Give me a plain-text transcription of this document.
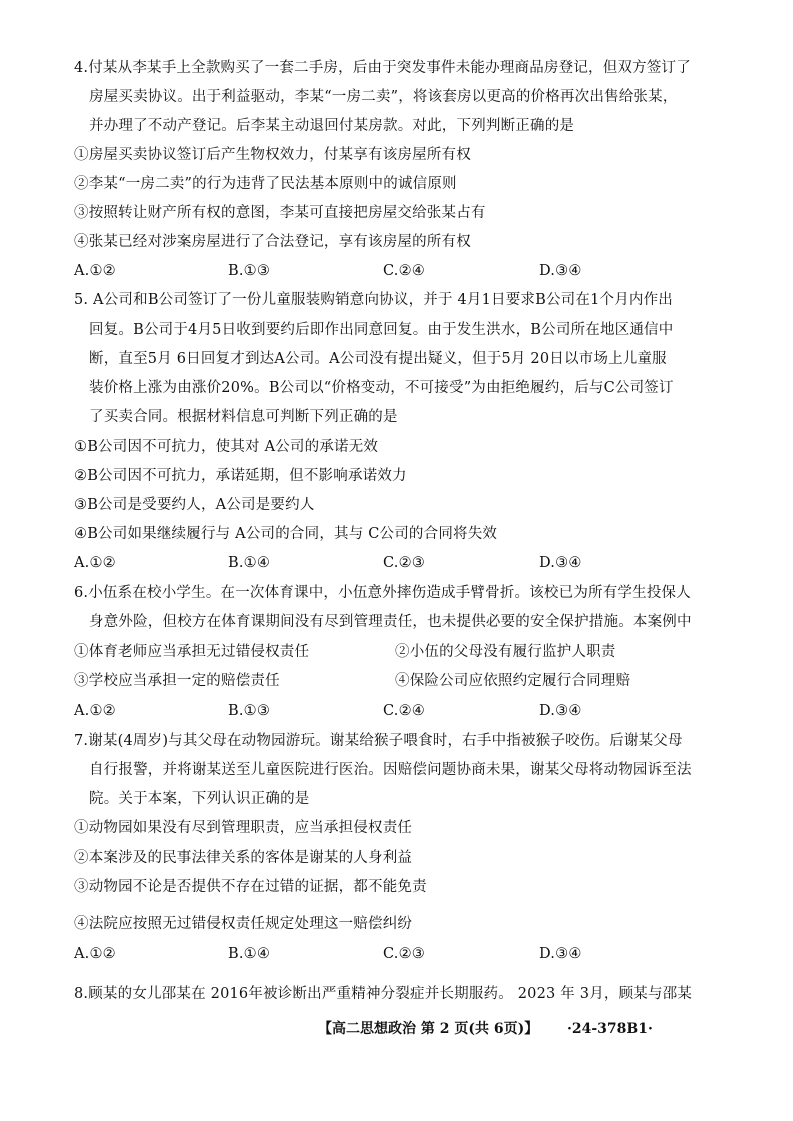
4.付某从李某手上全款购买了一套二手房，后由于突发事件未能办理商品房登记，但双方签订了
房屋买卖协议。出于利益驱动，李某“一房二卖”，将该套房以更高的价格再次出售给张某，
并办理了不动产登记。后李某主动退回付某房款。对此，下列判断正确的是
①房屋买卖协议签订后产生物权效力，付某享有该房屋所有权
②李某“一房二卖”的行为违背了民法基本原则中的诚信原则
③按照转让财产所有权的意图，李某可直接把房屋交给张某占有
④张某已经对涉案房屋进行了合法登记，享有该房屋的所有权
A.①②	B.①③	C.②④	D.③④
5. A公司和B公司签订了一份儿童服装购销意向协议，并于 4月1日要求B公司在1个月内作出
回复。B公司于4月5日收到要约后即作出同意回复。由于发生洪水，B公司所在地区通信中
断，直至5月 6日回复才到达A公司。A公司没有提出疑义，但于5月 20日以市场上儿童服
装价格上涨为由涨价20%。B公司以“价格变动，不可接受”为由拒绝履约，后与C公司签订
了买卖合同。根据材料信息可判断下列正确的是
①B公司因不可抗力，使其对 A公司的承诺无效
②B公司因不可抗力，承诺延期，但不影响承诺效力
③B公司是受要约人，A公司是要约人
④B公司如果继续履行与 A公司的合同，其与 C公司的合同将失效
A.①②	B.①④	C.②③	D.③④
6.小伍系在校小学生。在一次体育课中，小伍意外摔伤造成手臂骨折。该校已为所有学生投保人
身意外险，但校方在体育课期间没有尽到管理责任，也未提供必要的安全保护措施。本案例中
①体育老师应当承担无过错侵权责任	②小伍的父母没有履行监护人职责
③学校应当承担一定的赔偿责任	④保险公司应依照约定履行合同理赔
A.①②	B.①③	C.②④	D.③④
7.谢某(4周岁)与其父母在动物园游玩。谢某给猴子喂食时，右手中指被猴子咬伤。后谢某父母
自行报警，并将谢某送至儿童医院进行医治。因赔偿问题协商未果，谢某父母将动物园诉至法
院。关于本案，下列认识正确的是
①动物园如果没有尽到管理职责，应当承担侵权责任
②本案涉及的民事法律关系的客体是谢某的人身利益
③动物园不论是否提供不存在过错的证据，都不能免责
④法院应按照无过错侵权责任规定处理这一赔偿纠纷
A.①②	B.①④	C.②③	D.③④
8.顾某的女儿邵某在 2016年被诊断出严重精神分裂症并长期服药。 2023 年 3月，顾某与邵某
【高二思想政治 第 2 页(共 6页)】 ·24-378B1·
